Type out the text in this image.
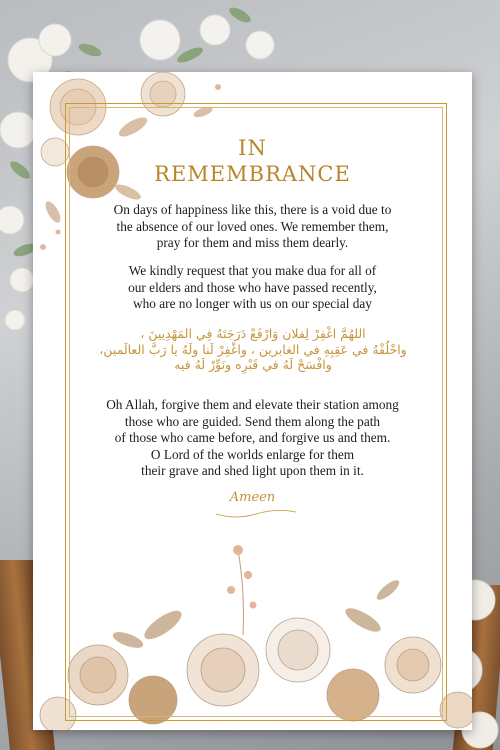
IN
REMEMBRANCE
On days of happiness like this, there is a void due to
the absence of our loved ones. We remember them,
pray for them and miss them dearly.
We kindly request that you make dua for all of
our elders and those who have passed recently,
who are no longer with us on our special day
اللهُمَّ اغْفِرْ لِفلان وَارْفَعْ دَرَجَتَهُ فِي المَهْدِيينَ ،
واخْلُفْهُ في عَقِبِهِ في الغابرين ، واغْفِرْ لَنا ولَهُ يا رَبَّ العالَمين،
وافْسَحْ لَهُ في قَبْرِه ونَوِّرْ لَهُ فيه
Oh Allah, forgive them and elevate their station among
those who are guided. Send them along the path
of those who came before, and forgive us and them.
O Lord of the worlds enlarge for them
their grave and shed light upon them in it.
Ameen
